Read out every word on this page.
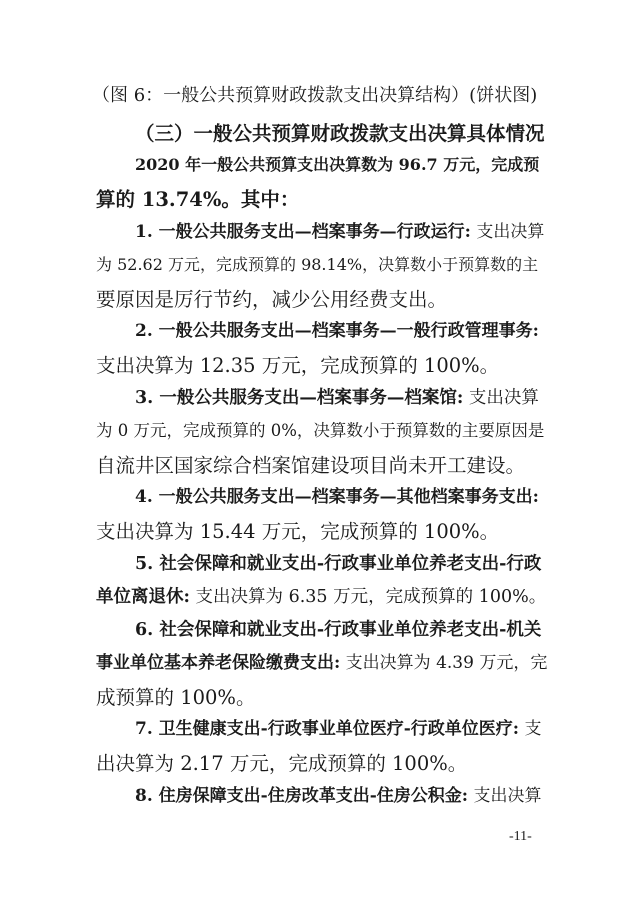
（图 6：一般公共预算财政拨款支出决算结构）(饼状图)
（三）一般公共预算财政拨款支出决算具体情况
2020 年一般公共预算支出决算数为 96.7 万元，完成预
算的 13.74%。其中：
1. 一般公共服务支出—档案事务—行政运行: 支出决算
为 52.62 万元，完成预算的 98.14%，决算数小于预算数的主
要原因是厉行节约，减少公用经费支出。
2. 一般公共服务支出—档案事务—一般行政管理事务:
支出决算为 12.35 万元，完成预算的 100%。
3. 一般公共服务支出—档案事务—档案馆: 支出决算
为 0 万元，完成预算的 0%，决算数小于预算数的主要原因是
自流井区国家综合档案馆建设项目尚未开工建设。
4. 一般公共服务支出—档案事务—其他档案事务支出:
支出决算为 15.44 万元，完成预算的 100%。
5. 社会保障和就业支出-行政事业单位养老支出-行政
单位离退休: 支出决算为 6.35 万元，完成预算的 100%。
6. 社会保障和就业支出-行政事业单位养老支出-机关
事业单位基本养老保险缴费支出: 支出决算为 4.39 万元，完
成预算的 100%。
7. 卫生健康支出-行政事业单位医疗-行政单位医疗: 支
出决算为 2.17 万元，完成预算的 100%。
8. 住房保障支出-住房改革支出-住房公积金: 支出决算
-11-
